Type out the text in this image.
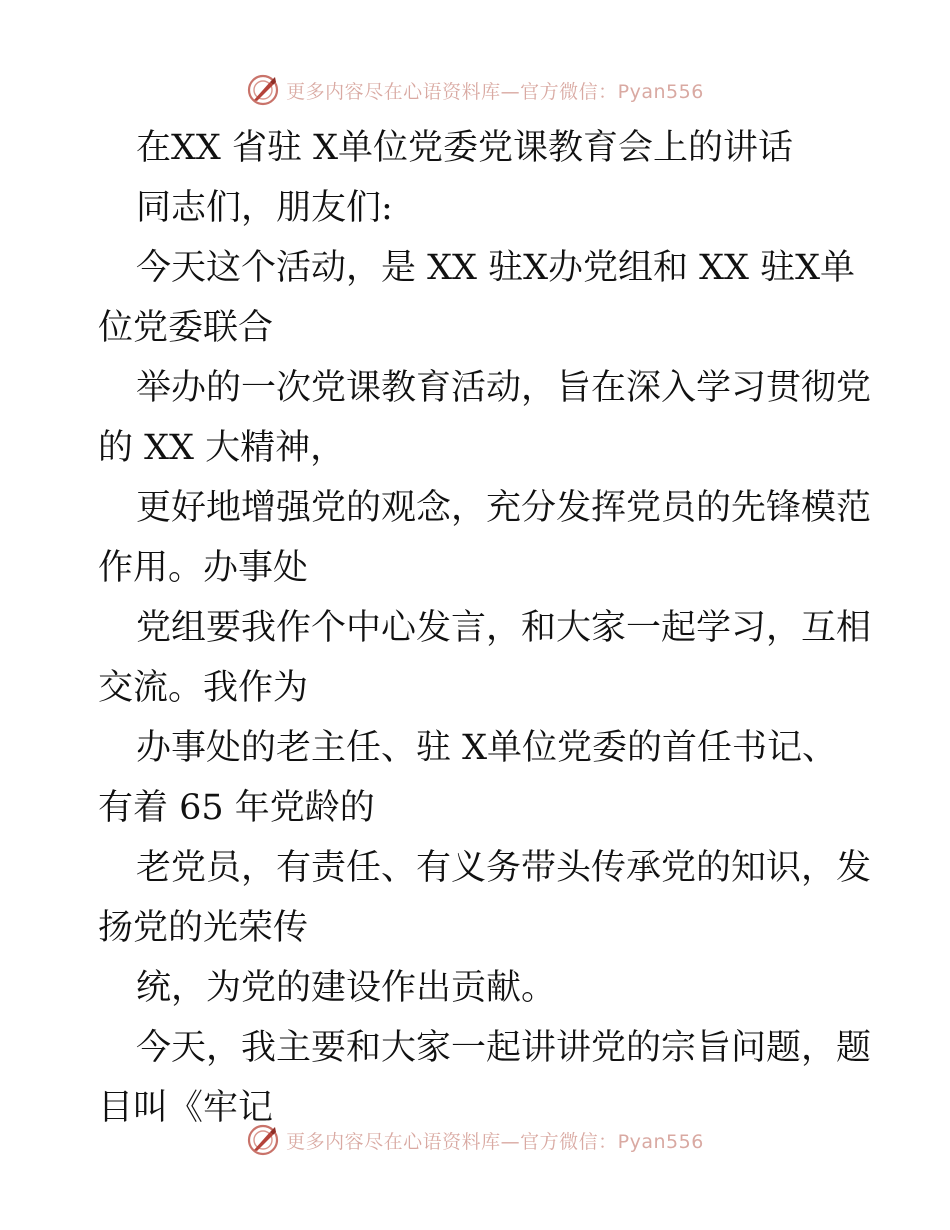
更多内容尽在心语资料库—官方微信：Pyan556
在XX 省驻 X单位党委党课教育会上的讲话
同志们，朋友们:
今天这个活动，是 XX 驻X办党组和 XX 驻X单
位党委联合
举办的一次党课教育活动，旨在深入学习贯彻党
的 XX 大精神，
更好地增强党的观念，充分发挥党员的先锋模范
作用。办事处
党组要我作个中心发言，和大家一起学习，互相
交流。我作为
办事处的老主任、驻 X单位党委的首任书记、
有着 65 年党龄的
老党员，有责任、有义务带头传承党的知识，发
扬党的光荣传
统，为党的建设作出贡献。
今天，我主要和大家一起讲讲党的宗旨问题，题
目叫《牢记
更多内容尽在心语资料库—官方微信：Pyan556
